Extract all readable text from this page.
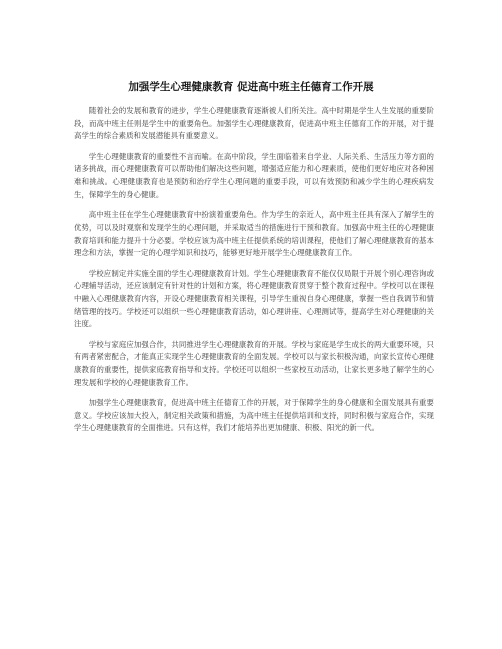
加强学生心理健康教育 促进高中班主任德育工作开展

随着社会的发展和教育的进步，学生心理健康教育逐渐被人们所关注。高中时期是学生人生发展的重要阶段，而高中班主任则是学生中的重要角色。加强学生心理健康教育，促进高中班主任德育工作的开展，对于提高学生的综合素质和发展潜能具有重要意义。

学生心理健康教育的重要性不言而喻。在高中阶段，学生面临着来自学业、人际关系、生活压力等方面的诸多挑战，而心理健康教育可以帮助他们解决这些问题，增强适应能力和心理素质，使他们更好地应对各种困难和挑战。心理健康教育也是预防和治疗学生心理问题的重要手段，可以有效预防和减少学生的心理疾病发生，保障学生的身心健康。

高中班主任在学生心理健康教育中扮演着重要角色。作为学生的亲近人，高中班主任具有深入了解学生的优势，可以及时观察和发现学生的心理问题，并采取适当的措施进行干预和教育。加强高中班主任的心理健康教育培训和能力提升十分必要。学校应该为高中班主任提供系统的培训课程，使他们了解心理健康教育的基本理念和方法，掌握一定的心理学知识和技巧，能够更好地开展学生心理健康教育工作。

学校应制定并实施全面的学生心理健康教育计划。学生心理健康教育不能仅仅局限于开展个别心理咨询或心理辅导活动，还应该制定有针对性的计划和方案，将心理健康教育贯穿于整个教育过程中。学校可以在课程中融入心理健康教育内容，开设心理健康教育相关课程，引导学生重视自身心理健康，掌握一些自我调节和情绪管理的技巧。学校还可以组织一些心理健康教育活动，如心理讲座、心理测试等，提高学生对心理健康的关注度。

学校与家庭应加强合作，共同推进学生心理健康教育的开展。学校与家庭是学生成长的两大重要环境，只有两者紧密配合，才能真正实现学生心理健康教育的全面发展。学校可以与家长积极沟通，向家长宣传心理健康教育的重要性，提供家庭教育指导和支持。学校还可以组织一些家校互动活动，让家长更多地了解学生的心理发展和学校的心理健康教育工作。

加强学生心理健康教育，促进高中班主任德育工作的开展，对于保障学生的身心健康和全面发展具有重要意义。学校应该加大投入，制定相关政策和措施，为高中班主任提供培训和支持，同时积极与家庭合作，实现学生心理健康教育的全面推进。只有这样，我们才能培养出更加健康、积极、阳光的新一代。
